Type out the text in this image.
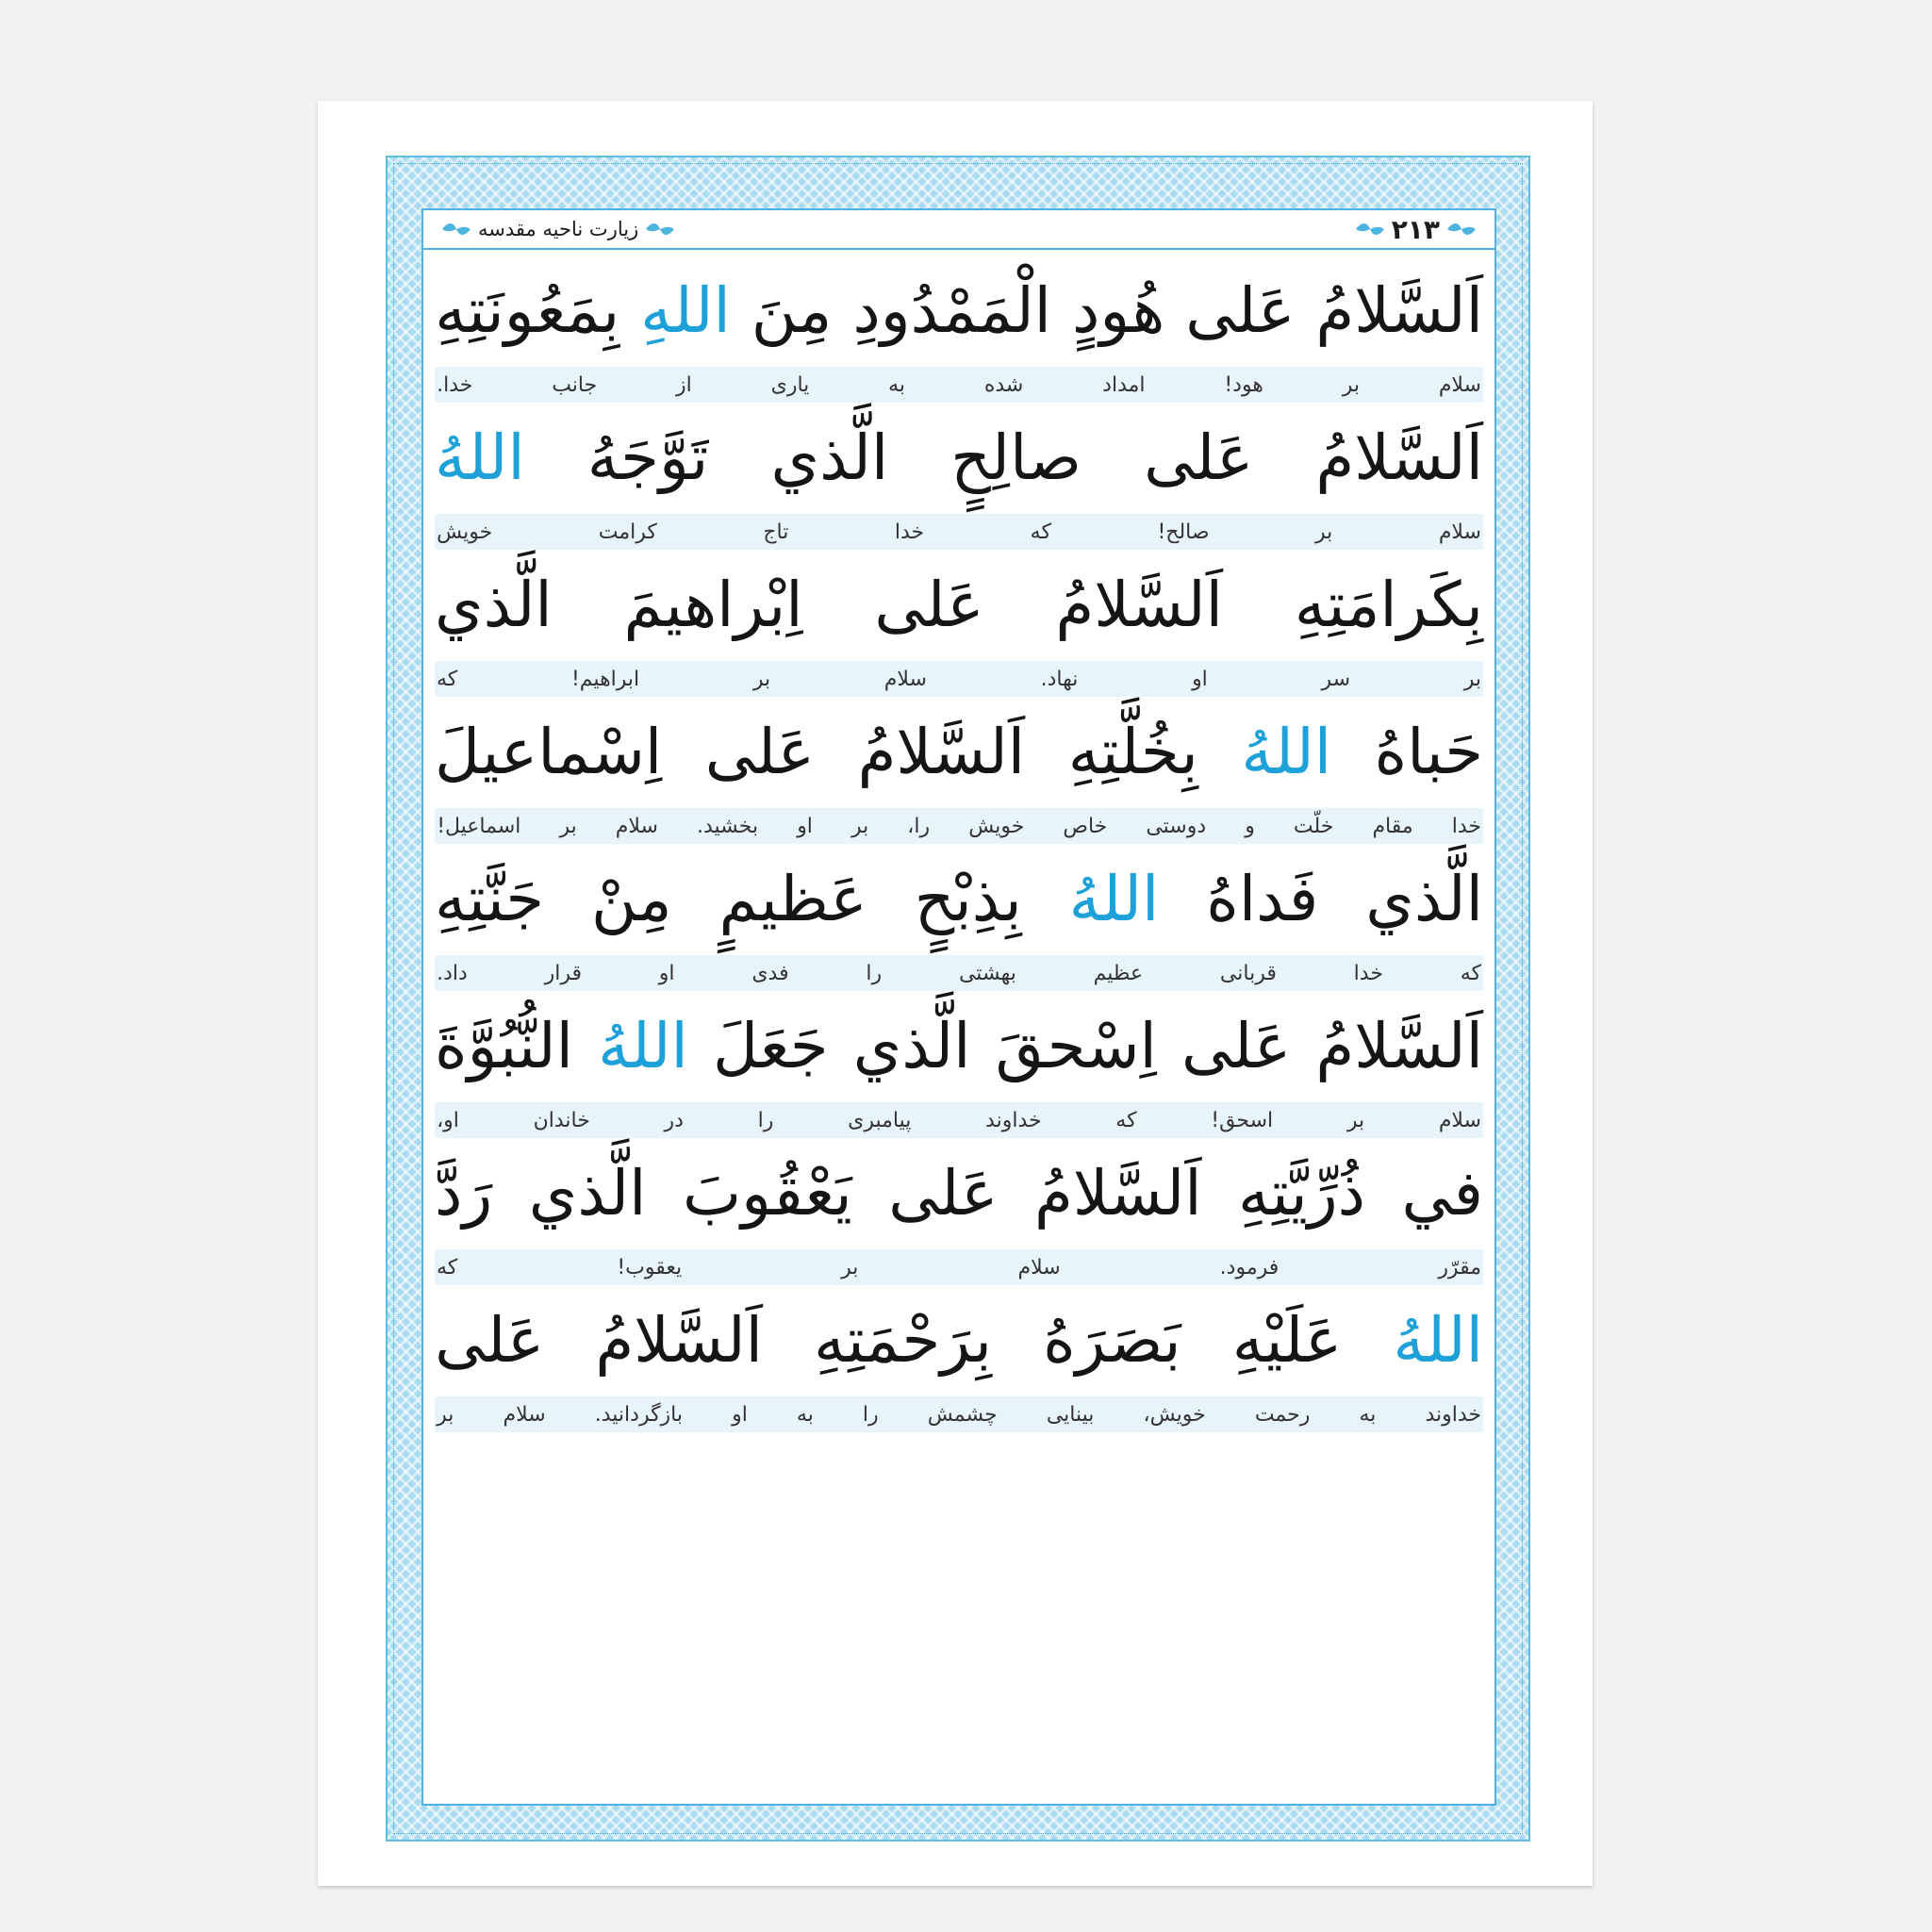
۲۱۳
زیارت ناحیه مقدسه
اَلسَّلامُ
عَلى
هُودٍ
الْمَمْدُودِ
مِنَ
اللهِ
بِمَعُونَتِهِ
سلام
بر
هود!
امداد
شده
به
یاری
از
جانب
خدا.
اَلسَّلامُ
عَلى
صالِحٍ
الَّذي
تَوَّجَهُ
اللهُ
سلام
بر
صالح!
که
خدا
تاج
کرامت
خویش
بِكَرامَتِهِ
اَلسَّلامُ
عَلى
اِبْراهيمَ
الَّذي
بر
سر
او
نهاد.
سلام
بر
ابراهیم!
که
حَباهُ
اللهُ
بِخُلَّتِهِ
اَلسَّلامُ
عَلى
اِسْماعيلَ
خدا
مقام
خلّت
و
دوستی
خاص
خویش
را،
بر
او
بخشید.
سلام
بر
اسماعیل!
الَّذي
فَداهُ
اللهُ
بِذِبْحٍ
عَظيمٍ
مِنْ
جَنَّتِهِ
که
خدا
قربانی
عظیم
بهشتی
را
فدی
او
قرار
داد.
اَلسَّلامُ
عَلى
اِسْحقَ
الَّذي
جَعَلَ
اللهُ
النُّبُوَّةَ
سلام
بر
اسحق!
که
خداوند
پیامبری
را
در
خاندان
او،
في
ذُرِّيَّتِهِ
اَلسَّلامُ
عَلى
يَعْقُوبَ
الَّذي
رَدَّ
مقرّر
فرمود.
سلام
بر
یعقوب!
که
اللهُ
عَلَيْهِ
بَصَرَهُ
بِرَحْمَتِهِ
اَلسَّلامُ
عَلى
خداوند
به
رحمت
خویش،
بینایی
چشمش
را
به
او
بازگردانید.
سلام
بر
